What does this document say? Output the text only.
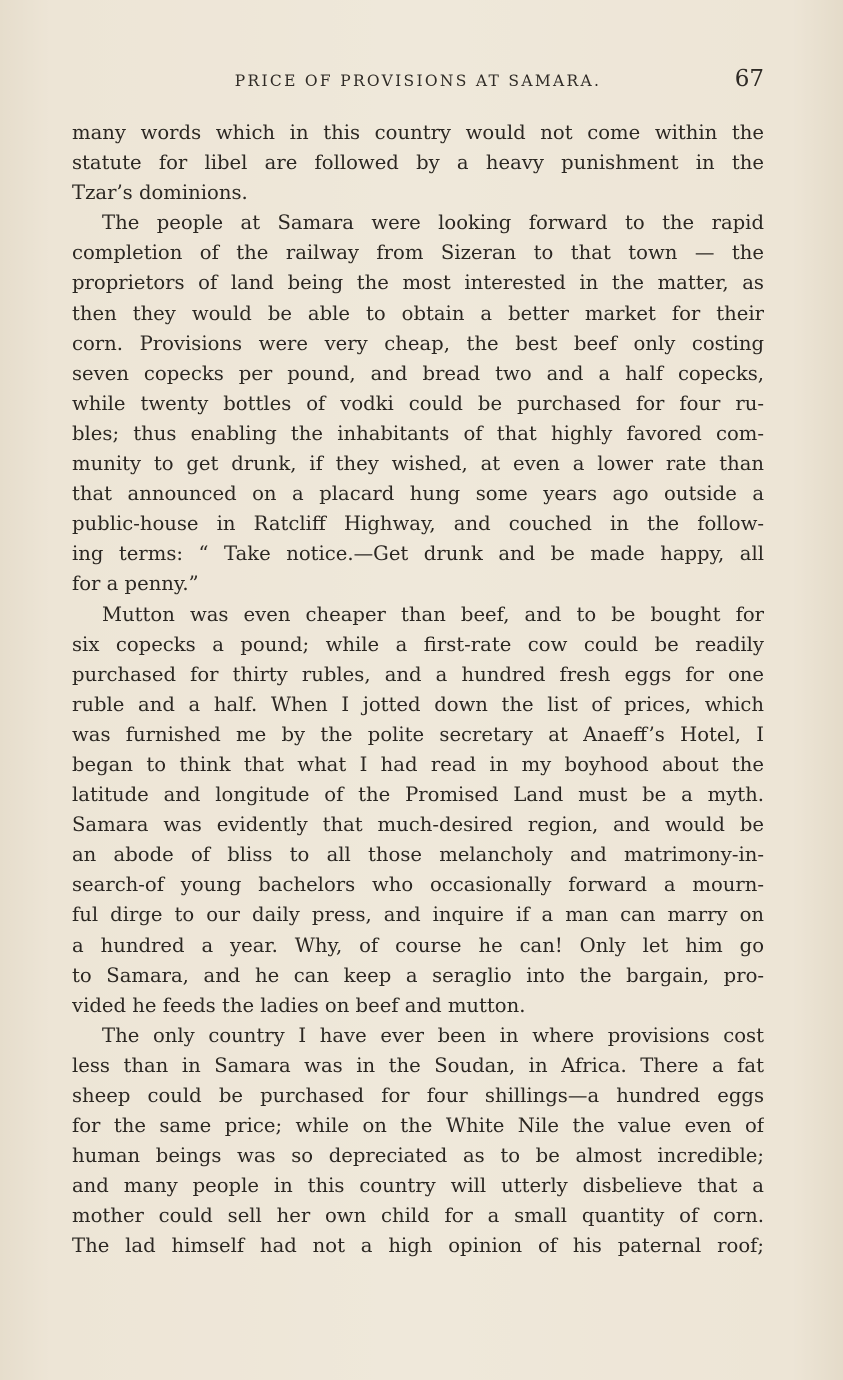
PRICE OF PROVISIONS AT SAMARA.	67
many words which in this country would not come within the
statute for libel are followed by a heavy punishment in the
Tzar’s dominions.
The people at Samara were looking forward to the rapid
completion of the railway from Sizeran to that town — the
proprietors of land being the most interested in the matter, as
then they would be able to obtain a better market for their
corn. Provisions were very cheap, the best beef only costing
seven copecks per pound, and bread two and a half copecks,
while twenty bottles of vodki could be purchased for four ru-
bles; thus enabling the inhabitants of that highly favored com-
munity to get drunk, if they wished, at even a lower rate than
that announced on a placard hung some years ago outside a
public-house in Ratcliff Highway, and couched in the follow-
ing terms: “ Take notice.—Get drunk and be made happy, all
for a penny.”
Mutton was even cheaper than beef, and to be bought for
six copecks a pound; while a first-rate cow could be readily
purchased for thirty rubles, and a hundred fresh eggs for one
ruble and a half. When I jotted down the list of prices, which
was furnished me by the polite secretary at Anaeff’s Hotel, I
began to think that what I had read in my boyhood about the
latitude and longitude of the Promised Land must be a myth.
Samara was evidently that much-desired region, and would be
an abode of bliss to all those melancholy and matrimony-in-
search-of young bachelors who occasionally forward a mourn-
ful dirge to our daily press, and inquire if a man can marry on
a hundred a year. Why, of course he can! Only let him go
to Samara, and he can keep a seraglio into the bargain, pro-
vided he feeds the ladies on beef and mutton.
The only country I have ever been in where provisions cost
less than in Samara was in the Soudan, in Africa. There a fat
sheep could be purchased for four shillings—a hundred eggs
for the same price; while on the White Nile the value even of
human beings was so depreciated as to be almost incredible;
and many people in this country will utterly disbelieve that a
mother could sell her own child for a small quantity of corn.
The lad himself had not a high opinion of his paternal roof;
